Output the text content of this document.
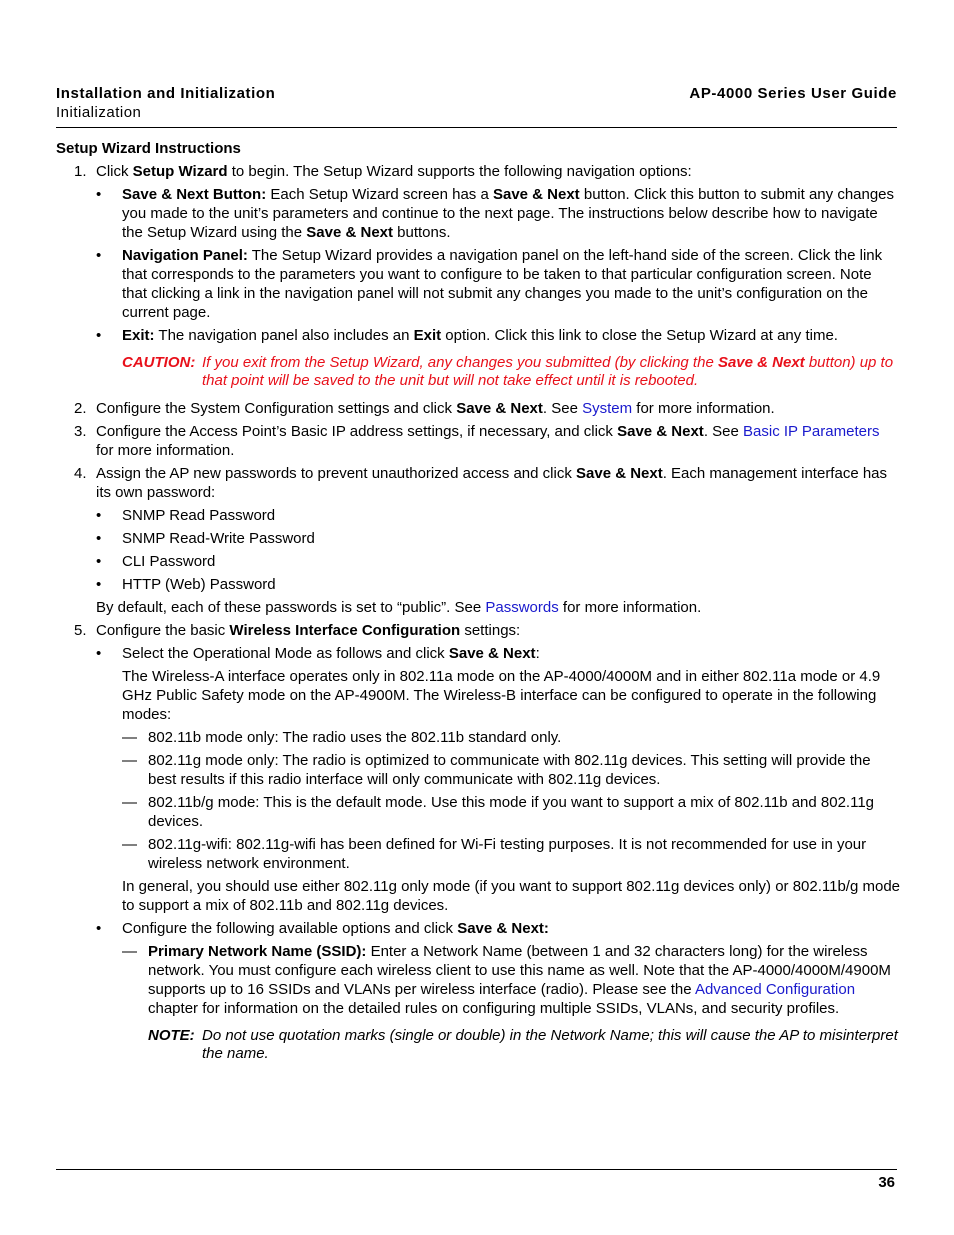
Installation and Initialization
Initialization
AP-4000 Series User Guide
Setup Wizard Instructions
1. Click Setup Wizard to begin. The Setup Wizard supports the following navigation options:
• Save & Next Button: Each Setup Wizard screen has a Save & Next button. Click this button to submit any changes you made to the unit’s parameters and continue to the next page. The instructions below describe how to navigate the Setup Wizard using the Save & Next buttons.
• Navigation Panel: The Setup Wizard provides a navigation panel on the left-hand side of the screen. Click the link that corresponds to the parameters you want to configure to be taken to that particular configuration screen. Note that clicking a link in the navigation panel will not submit any changes you made to the unit’s configuration on the current page.
• Exit: The navigation panel also includes an Exit option. Click this link to close the Setup Wizard at any time.
CAUTION: If you exit from the Setup Wizard, any changes you submitted (by clicking the Save & Next button) up to that point will be saved to the unit but will not take effect until it is rebooted.
2. Configure the System Configuration settings and click Save & Next. See System for more information.
3. Configure the Access Point’s Basic IP address settings, if necessary, and click Save & Next. See Basic IP Parameters for more information.
4. Assign the AP new passwords to prevent unauthorized access and click Save & Next. Each management interface has its own password:
• SNMP Read Password
• SNMP Read-Write Password
• CLI Password
• HTTP (Web) Password

By default, each of these passwords is set to “public”. See Passwords for more information.

5. Configure the basic Wireless Interface Configuration settings:
• Select the Operational Mode as follows and click Save & Next:

The Wireless-A interface operates only in 802.11a mode on the AP-4000/4000M and in either 802.11a mode or 4.9 GHz Public Safety mode on the AP-4900M. The Wireless-B interface can be configured to operate in the following modes:

— 802.11b mode only: The radio uses the 802.11b standard only.
— 802.11g mode only: The radio is optimized to communicate with 802.11g devices. This setting will provide the best results if this radio interface will only communicate with 802.11g devices.
— 802.11b/g mode: This is the default mode. Use this mode if you want to support a mix of 802.11b and 802.11g devices.
— 802.11g-wifi: 802.11g-wifi has been defined for Wi-Fi testing purposes. It is not recommended for use in your wireless network environment.

In general, you should use either 802.11g only mode (if you want to support 802.11g devices only) or 802.11b/g mode to support a mix of 802.11b and 802.11g devices.

• Configure the following available options and click Save & Next:
— Primary Network Name (SSID): Enter a Network Name (between 1 and 32 characters long) for the wireless network. You must configure each wireless client to use this name as well. Note that the AP-4000/4000M/4900M supports up to 16 SSIDs and VLANs per wireless interface (radio). Please see the Advanced Configuration chapter for information on the detailed rules on configuring multiple SSIDs, VLANs, and security profiles.
NOTE: Do not use quotation marks (single or double) in the Network Name; this will cause the AP to misinterpret the name.
36
